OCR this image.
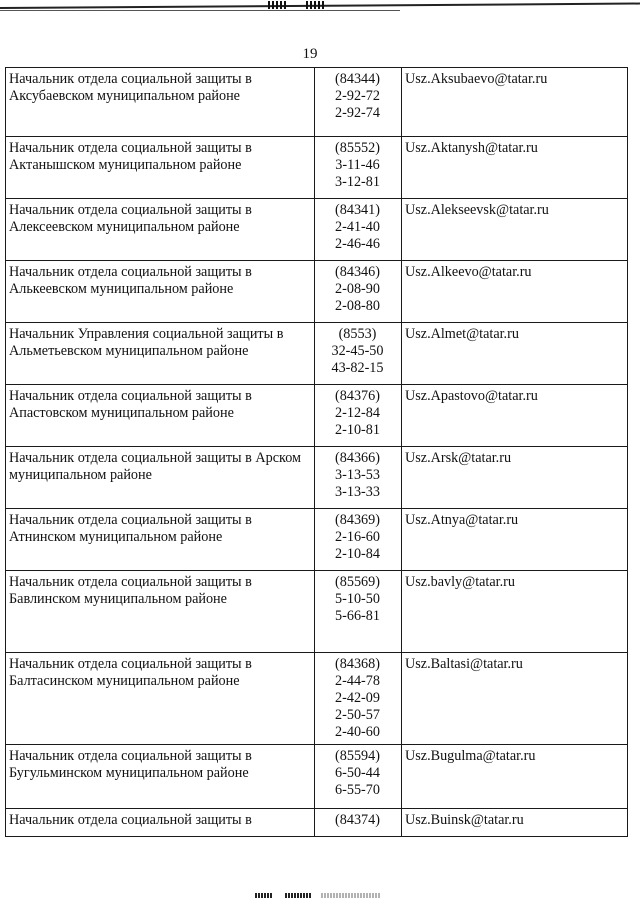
19
Начальник отдела социальной защиты в Аксубаевском муниципальном районе	(84344)
2-92-72
2-92-74	Usz.Aksubaevo@tatar.ru
Начальник отдела социальной защиты в Актанышском муниципальном районе	(85552)
3-11-46
3-12-81	Usz.Aktanysh@tatar.ru
Начальник отдела социальной защиты в Алексеевском муниципальном районе	(84341)
2-41-40
2-46-46	Usz.Alekseevsk@tatar.ru
Начальник отдела социальной защиты в Алькеевском муниципальном районе	(84346)
2-08-90
2-08-80	Usz.Alkeevo@tatar.ru
Начальник Управления социальной защиты в Альметьевском муниципальном районе	(8553)
32-45-50
43-82-15	Usz.Almet@tatar.ru
Начальник отдела социальной защиты в Апастовском муниципальном районе	(84376)
2-12-84
2-10-81	Usz.Apastovo@tatar.ru
Начальник отдела социальной защиты в Арском муниципальном районе	(84366)
3-13-53
3-13-33	Usz.Arsk@tatar.ru
Начальник отдела социальной защиты в Атнинском муниципальном районе	(84369)
2-16-60
2-10-84	Usz.Atnya@tatar.ru
Начальник отдела социальной защиты в Бавлинском муниципальном районе	(85569)
5-10-50
5-66-81	Usz.bavly@tatar.ru
Начальник отдела социальной защиты в Балтасинском муниципальном районе	(84368)
2-44-78
2-42-09
2-50-57
2-40-60	Usz.Baltasi@tatar.ru
Начальник отдела социальной защиты в Бугульминском муниципальном районе	(85594)
6-50-44
6-55-70	Usz.Bugulma@tatar.ru
Начальник отдела социальной защиты в	(84374)	Usz.Buinsk@tatar.ru
